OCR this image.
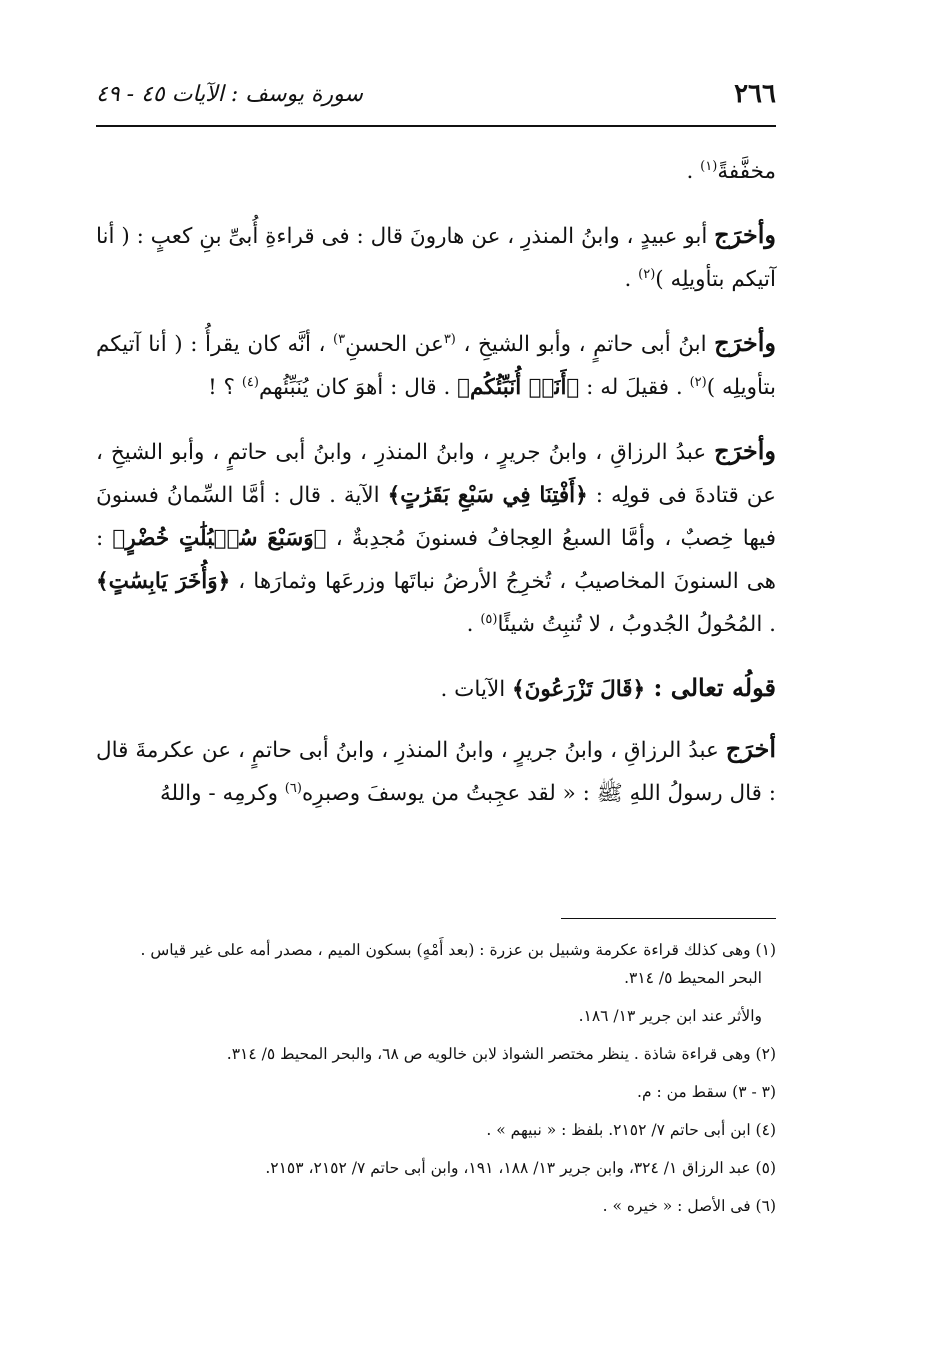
٢٦٦
سورة يوسف : الآيات ٤٥ - ٤٩

مخفَّفةً$^{(١)}$ .

وأخرَج أبو عبيدٍ ، وابنُ المنذرِ ، عن هارونَ قال : فى قراءةِ أُبىِّ بنِ كعبٍ : ( أنا آتيكم بتأويلِه )$^{(٢)}$ .

وأخرَج ابنُ أبى حاتمٍ ، وأبو الشيخِ ، $^{(٣}$عن الحسنِ$^{٣)}$ ، أنَّه كان يقرأُ : ( أنا آتيكم بتأويلِه )$^{(٢)}$ . فقيلَ له : ﴿أَنَا۠ أُنَبِّئُكُم﴾ . قال : أهوَ كان يُنَبِّئُهم$^{(٤)}$ ؟ !

وأخرَج عبدُ الرزاقِ ، وابنُ جريرٍ ، وابنُ المنذرِ ، وابنُ أبى حاتمٍ ، وأبو الشيخِ ، عن قتادةَ فى قولِه : ﴿أَفْتِنَا فِي سَبْعِ بَقَرَٰتٍ﴾ الآية . قال : أمَّا السِّمانُ فسنونَ فيها خِصبٌ ، وأمَّا السبعُ العِجافُ فسنونَ مُجدِبةٌ ، ﴿وَسَبْعَ سُنۢبُلَٰتٍ خُضْرٍ﴾ : هى السنونَ المخاصيبُ ، تُخرِجُ الأرضُ نباتَها وزرعَها وثمارَها ، ﴿وَأُخَرَ يَابِسَٰتٍ﴾ . المُحُولُ الجُدوبُ ، لا تُنبِتُ شيئًا$^{(٥)}$ .

قولُه تعالى : ﴿قَالَ تَزْرَعُونَ﴾ الآيات .

أخرَج عبدُ الرزاقِ ، وابنُ جريرٍ ، وابنُ المنذرِ ، وابنُ أبى حاتمٍ ، عن عكرمةَ قال : قال رسولُ اللهِ ﷺ : « لقد عجِبتُ من يوسفَ وصبرِه$^{(٦)}$ وكرمِه - واللهُ

(١) وهى كذلك قراءة عكرمة وشبيل بن عزرة : (بعد أَمْهٍ) بسكون الميم ، مصدر أمه على غير قياس .

البحر المحيط ٥/ ٣١٤.

والأثر عند ابن جرير ١٣/ ١٨٦.

(٢) وهى قراءة شاذة . ينظر مختصر الشواذ لابن خالويه ص ٦٨، والبحر المحيط ٥/ ٣١٤.

(٣ - ٣) سقط من : م.

(٤) ابن أبى حاتم ٧/ ٢١٥٢. بلفظ : « نبيهم » .

(٥) عبد الرزاق ١/ ٣٢٤، وابن جرير ١٣/ ١٨٨، ١٩١، وابن أبى حاتم ٧/ ٢١٥٢، ٢١٥٣.

(٦) فى الأصل : « خيره » .
